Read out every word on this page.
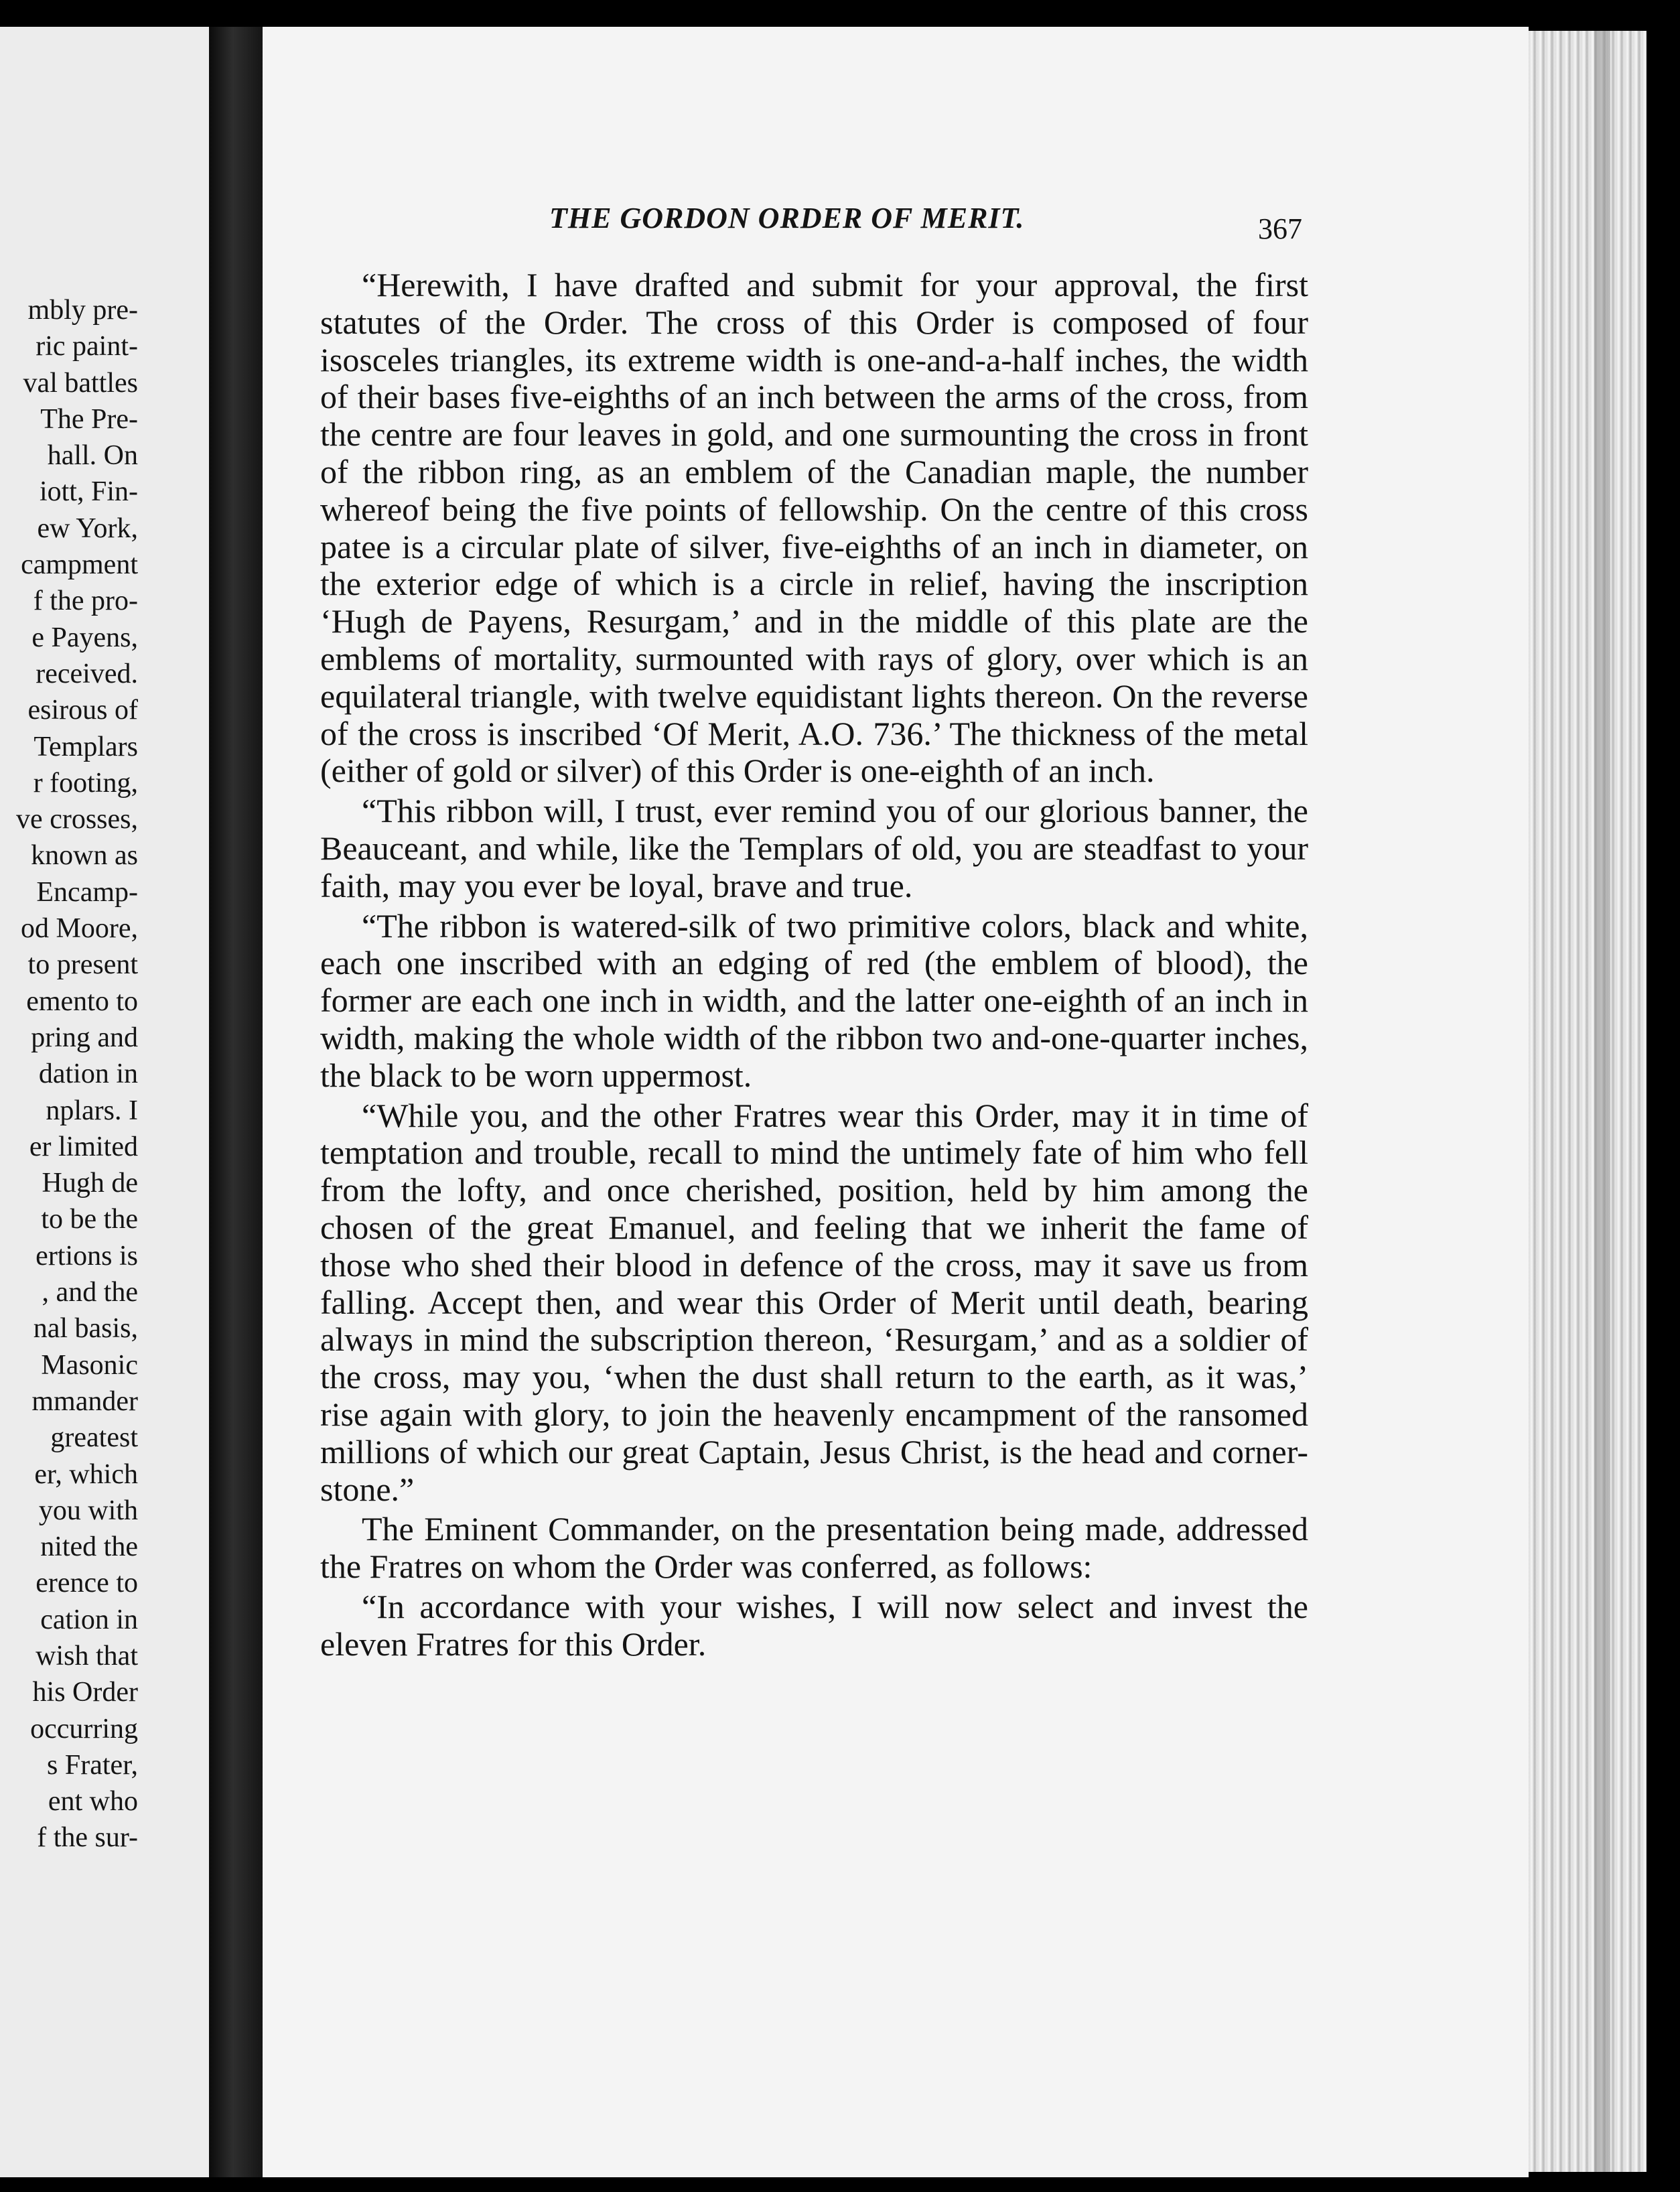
mbly pre-
ric paint-
val battles
The Pre-
hall. On
iott, Fin-
ew York,
campment
f the pro-
e Payens,
received.
esirous of
Templars
r footing,
ve crosses,
known as
Encamp-
od Moore,
to present
emento to
pring and
dation in
nplars. I
er limited
Hugh de
to be the
ertions is
, and the
nal basis,
Masonic
mmander
greatest
er, which
you with
nited the
erence to
cation in
wish that
his Order
occurring
s Frater,
ent who
f the sur-
THE GORDON ORDER OF MERIT.	367

“Herewith, I have drafted and submit for your approval, the first statutes of the Order. The cross of this Order is composed of four isosceles triangles, its extreme width is one-and-a-half inches, the width of their bases five-eighths of an inch between the arms of the cross, from the centre are four leaves in gold, and one surmounting the cross in front of the ribbon ring, as an emblem of the Canadian maple, the number whereof being the five points of fellowship. On the centre of this cross patee is a circular plate of silver, five-eighths of an inch in diameter, on the exterior edge of which is a circle in relief, having the inscription ‘Hugh de Payens, Resurgam,’ and in the middle of this plate are the emblems of mortality, surmounted with rays of glory, over which is an equilateral triangle, with twelve equidistant lights thereon. On the reverse of the cross is inscribed ‘Of Merit, A.O. 736.’ The thickness of the metal (either of gold or silver) of this Order is one-eighth of an inch.

“This ribbon will, I trust, ever remind you of our glorious banner, the Beauceant, and while, like the Templars of old, you are steadfast to your faith, may you ever be loyal, brave and true.

“The ribbon is watered-silk of two primitive colors, black and white, each one inscribed with an edging of red (the emblem of blood), the former are each one inch in width, and the latter one-eighth of an inch in width, making the whole width of the ribbon two and-one-quarter inches, the black to be worn uppermost.

“While you, and the other Fratres wear this Order, may it in time of temptation and trouble, recall to mind the untimely fate of him who fell from the lofty, and once cherished, position, held by him among the chosen of the great Emanuel, and feeling that we inherit the fame of those who shed their blood in defence of the cross, may it save us from falling. Accept then, and wear this Order of Merit until death, bearing always in mind the subscription thereon, ‘Resurgam,’ and as a soldier of the cross, may you, ‘when the dust shall return to the earth, as it was,’ rise again with glory, to join the heavenly encampment of the ransomed millions of which our great Captain, Jesus Christ, is the head and corner-stone.”

The Eminent Commander, on the presentation being made, addressed the Fratres on whom the Order was conferred, as follows:

“In accordance with your wishes, I will now select and invest the eleven Fratres for this Order.
